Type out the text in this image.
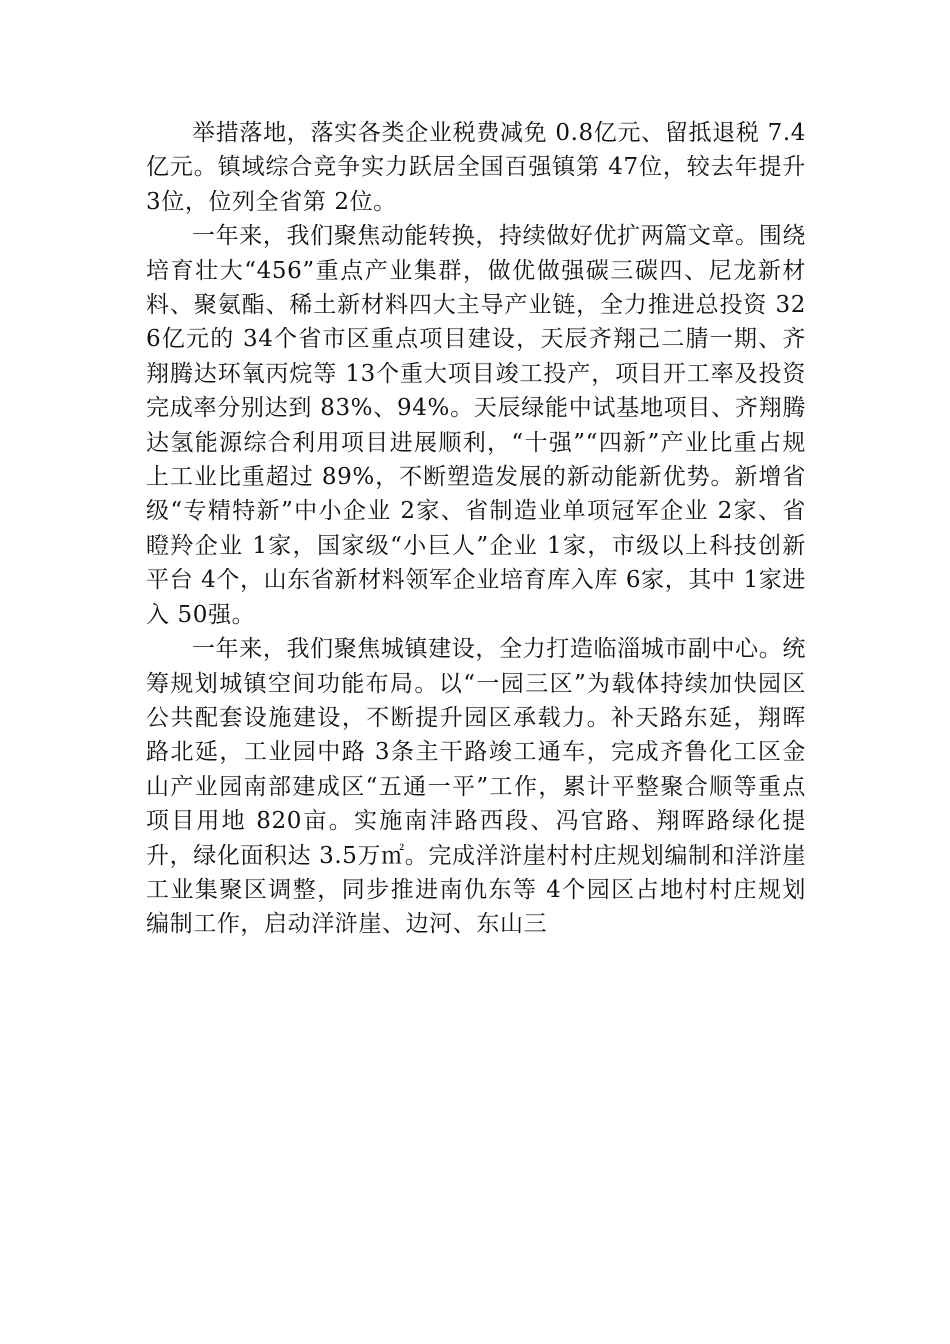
举措落地，落实各类企业税费减免 0.8亿元、留抵退税 7.4亿元。镇域综合竞争实力跃居全国百强镇第 47位，较去年提升 3位，位列全省第 2位。

一年来，我们聚焦动能转换，持续做好优扩两篇文章。围绕培育壮大“456”重点产业集群，做优做强碳三碳四、尼龙新材料、聚氨酯、稀土新材料四大主导产业链，全力推进总投资 326亿元的 34个省市区重点项目建设，天辰齐翔己二腈一期、齐翔腾达环氧丙烷等 13个重大项目竣工投产，项目开工率及投资完成率分别达到 83%、94%。天辰绿能中试基地项目、齐翔腾达氢能源综合利用项目进展顺利，“十强”“四新”产业比重占规上工业比重超过 89%，不断塑造发展的新动能新优势。新增省级“专精特新”中小企业 2家、省制造业单项冠军企业 2家、省瞪羚企业 1家，国家级“小巨人”企业 1家，市级以上科技创新平台 4个，山东省新材料领军企业培育库入库 6家，其中 1家进入 50强。

一年来，我们聚焦城镇建设，全力打造临淄城市副中心。统筹规划城镇空间功能布局。以“一园三区”为载体持续加快园区公共配套设施建设，不断提升园区承载力。补天路东延，翔晖路北延，工业园中路 3条主干路竣工通车，完成齐鲁化工区金山产业园南部建成区“五通一平”工作，累计平整聚合顺等重点项目用地 820亩。实施南沣路西段、冯官路、翔晖路绿化提升，绿化面积达 3.5万㎡。完成洋浒崖村村庄规划编制和洋浒崖工业集聚区调整，同步推进南仇东等 4个园区占地村村庄规划编制工作，启动洋浒崖、边河、东山三
